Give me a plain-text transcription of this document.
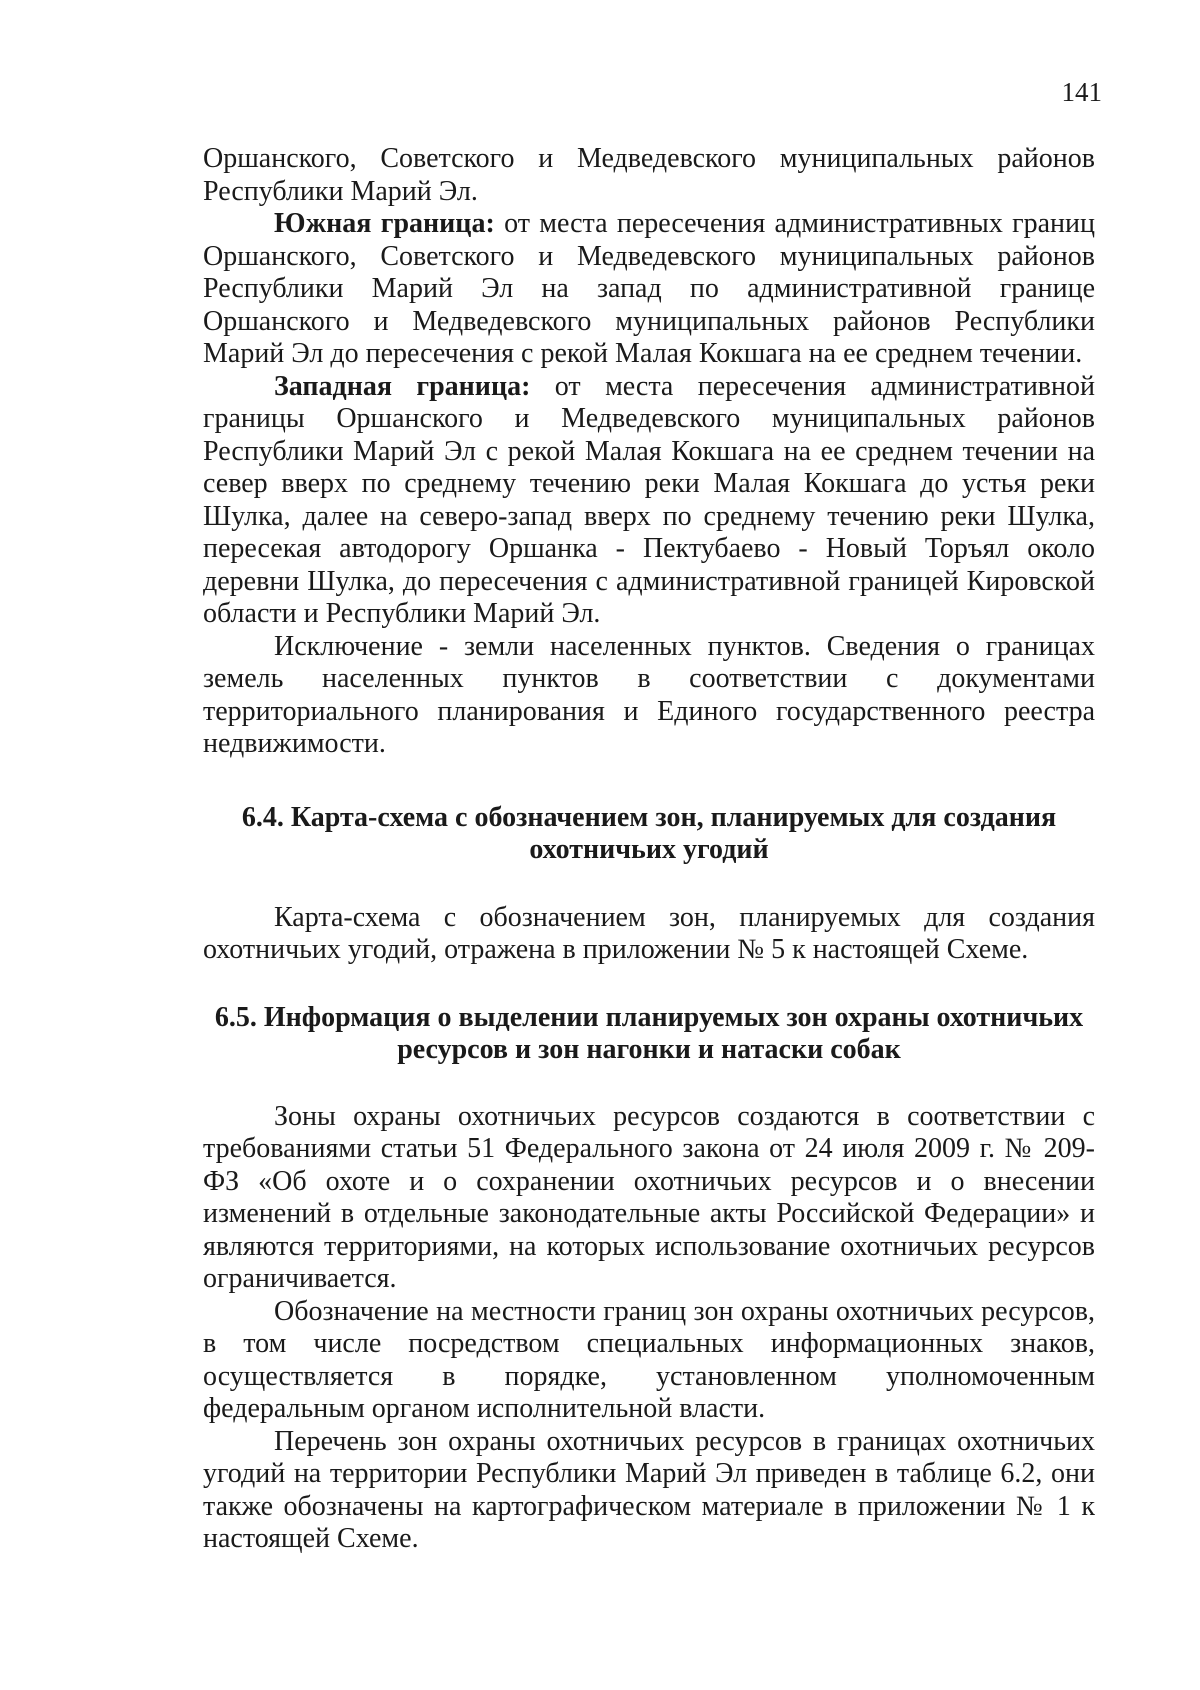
141

Оршанского, Советского и Медведевского муниципальных районов Республики Марий Эл.

Южная граница: от места пересечения административных границ Оршанского, Советского и Медведевского муниципальных районов Республики Марий Эл на запад по административной границе Оршанского и Медведевского муниципальных районов Республики Марий Эл до пересечения с рекой Малая Кокшага на ее среднем течении.

Западная граница: от места пересечения административной границы Оршанского и Медведевского муниципальных районов Республики Марий Эл с рекой Малая Кокшага на ее среднем течении на север вверх по среднему течению реки Малая Кокшага до устья реки Шулка, далее на северо-запад вверх по среднему течению реки Шулка, пересекая автодорогу Оршанка - Пектубаево - Новый Торъял около деревни Шулка, до пересечения с административной границей Кировской области и Республики Марий Эл.

Исключение - земли населенных пунктов. Сведения о границах земель населенных пунктов в соответствии с документами территориального планирования и Единого государственного реестра недвижимости.

6.4. Карта-схема с обозначением зон, планируемых для создания охотничьих угодий

Карта-схема с обозначением зон, планируемых для создания охотничьих угодий, отражена в приложении № 5 к настоящей Схеме.

6.5. Информация о выделении планируемых зон охраны охотничьих ресурсов и зон нагонки и натаски собак

Зоны охраны охотничьих ресурсов создаются в соответствии с требованиями статьи 51 Федерального закона от 24 июля 2009 г. № 209-ФЗ «Об охоте и о сохранении охотничьих ресурсов и о внесении изменений в отдельные законодательные акты Российской Федерации» и являются территориями, на которых использование охотничьих ресурсов ограничивается.

Обозначение на местности границ зон охраны охотничьих ресурсов, в том числе посредством специальных информационных знаков, осуществляется в порядке, установленном уполномоченным федеральным органом исполнительной власти.

Перечень зон охраны охотничьих ресурсов в границах охотничьих угодий на территории Республики Марий Эл приведен в таблице 6.2, они также обозначены на картографическом материале в приложении № 1 к настоящей Схеме.
